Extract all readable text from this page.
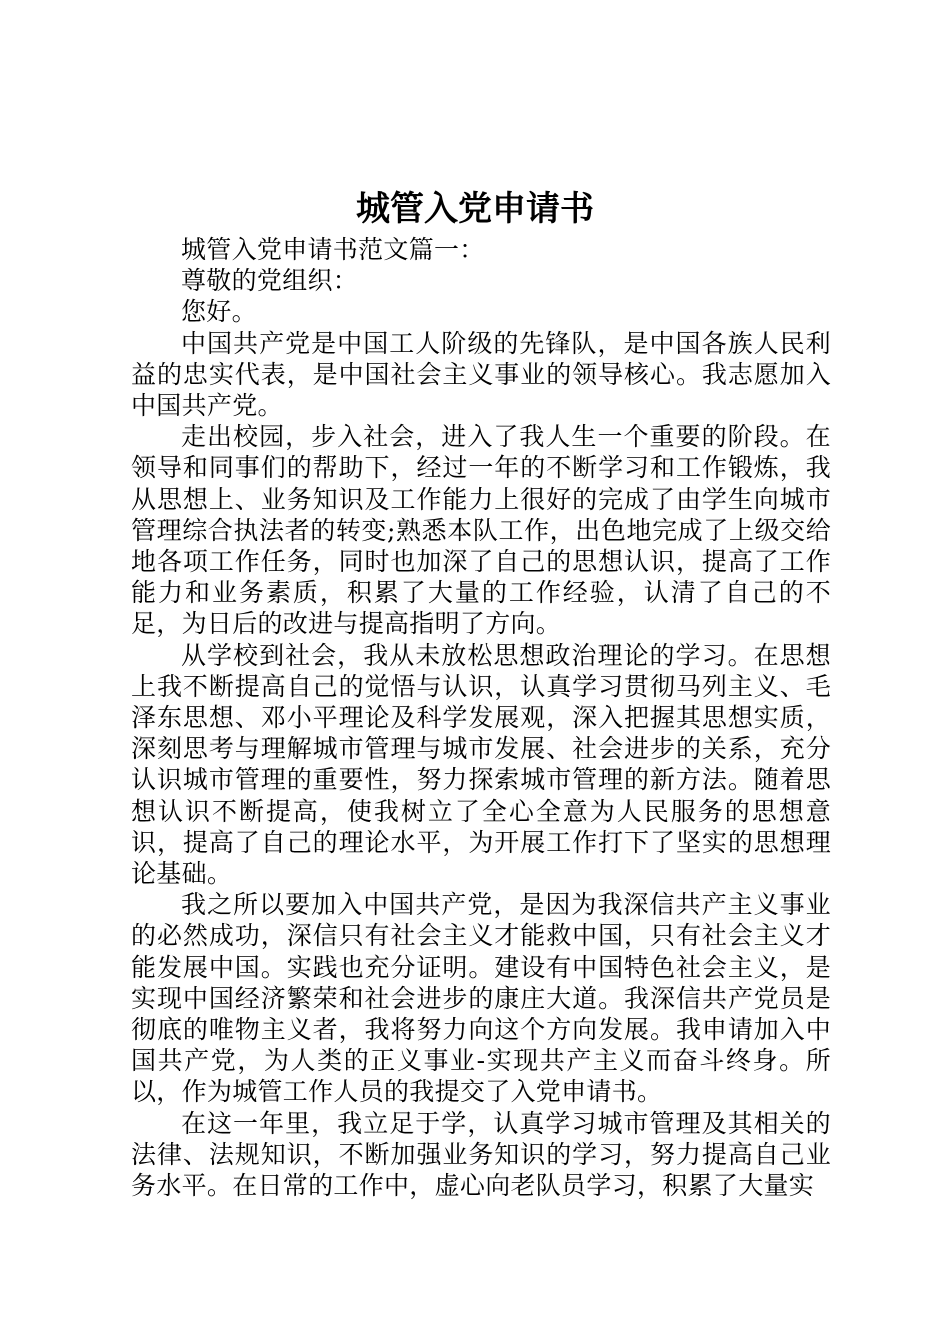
城管入党申请书

城管入党申请书范文篇一：

尊敬的党组织：

您好。

中国共产党是中国工人阶级的先锋队，是中国各族人民利益的忠实代表，是中国社会主义事业的领导核心。我志愿加入中国共产党。

走出校园，步入社会，进入了我人生一个重要的阶段。在领导和同事们的帮助下，经过一年的不断学习和工作锻炼，我从思想上、业务知识及工作能力上很好的完成了由学生向城市管理综合执法者的转变;熟悉本队工作，出色地完成了上级交给地各项工作任务，同时也加深了自己的思想认识，提高了工作能力和业务素质，积累了大量的工作经验，认清了自己的不足，为日后的改进与提高指明了方向。

从学校到社会，我从未放松思想政治理论的学习。在思想上我不断提高自己的觉悟与认识，认真学习贯彻马列主义、毛泽东思想、邓小平理论及科学发展观，深入把握其思想实质，深刻思考与理解城市管理与城市发展、社会进步的关系，充分认识城市管理的重要性，努力探索城市管理的新方法。随着思想认识不断提高，使我树立了全心全意为人民服务的思想意识，提高了自己的理论水平，为开展工作打下了坚实的思想理论基础。

我之所以要加入中国共产党，是因为我深信共产主义事业的必然成功，深信只有社会主义才能救中国，只有社会主义才能发展中国。实践也充分证明。建设有中国特色社会主义，是实现中国经济繁荣和社会进步的康庄大道。我深信共产党员是彻底的唯物主义者，我将努力向这个方向发展。我申请加入中国共产党，为人类的正义事业-实现共产主义而奋斗终身。所以，作为城管工作人员的我提交了入党申请书。

在这一年里，我立足于学，认真学习城市管理及其相关的法律、法规知识，不断加强业务知识的学习，努力提高自己业务水平。在日常的工作中，虚心向老队员学习，积累了大量实
